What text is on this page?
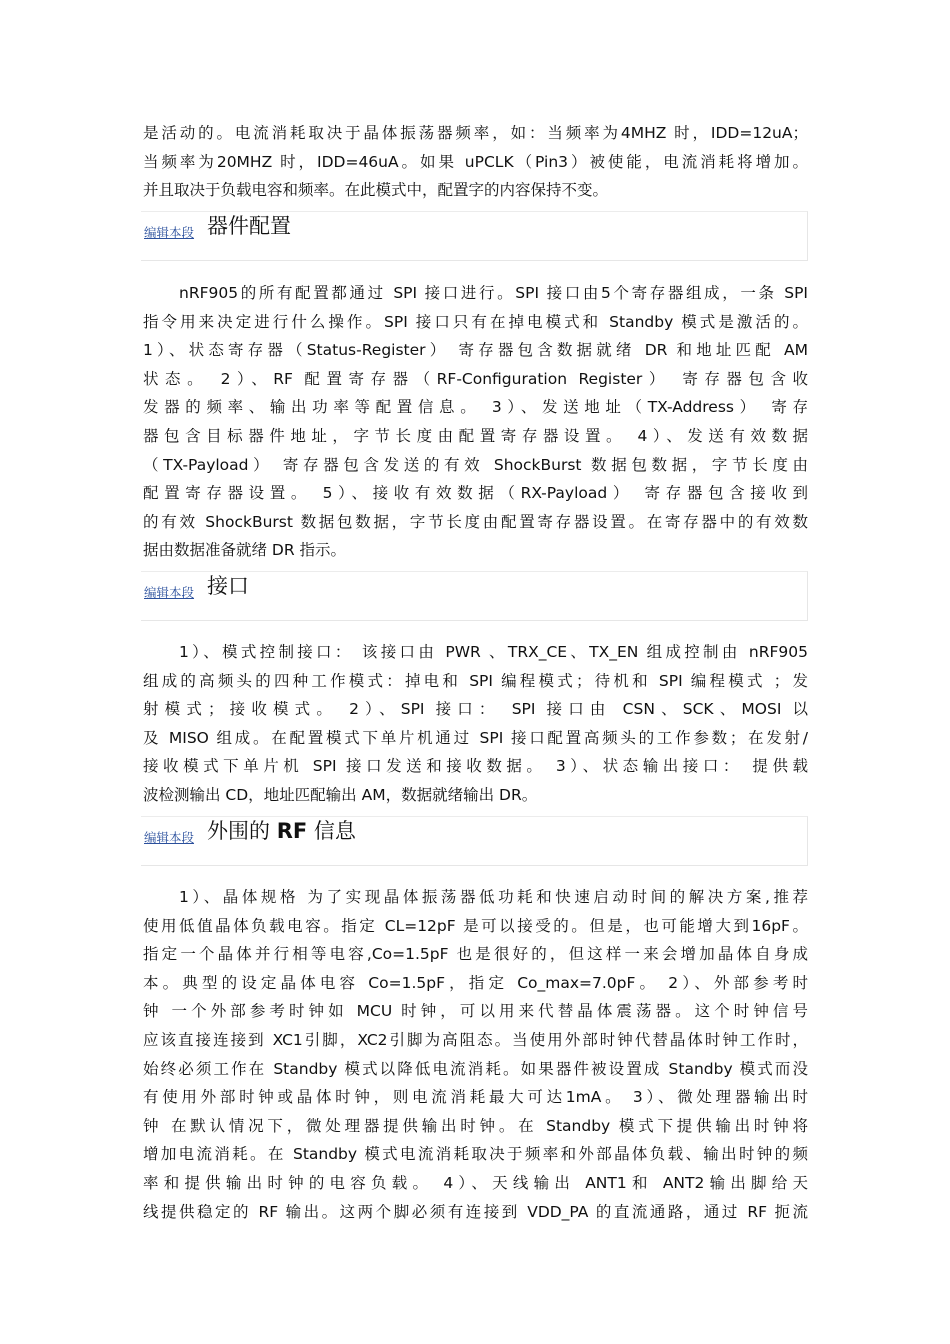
是活动的。电流消耗取决于晶体振荡器频率，如：当频率为4MHZ 时，IDD=12uA；
当频率为20MHZ 时，IDD=46uA。如果 uPCLK（Pin3）被使能，电流消耗将增加。
并且取决于负载电容和频率。在此模式中，配置字的内容保持不变。
编辑本段 器件配置
nRF905的所有配置都通过 SPI 接口进行。SPI 接口由5个寄存器组成，一条 SPI
指令用来决定进行什么操作。SPI 接口只有在掉电模式和 Standby 模式是激活的。
1）、状态寄存器（Status-Register） 寄存器包含数据就绪 DR 和地址匹配 AM
状态。 2）、RF 配置寄存器（RF-Configuration Register） 寄存器包含收
发器的频率、输出功率等配置信息。 3）、发送地址（TX-Address） 寄存
器包含目标器件地址，字节长度由配置寄存器设置。 4）、发送有效数据
（TX-Payload） 寄存器包含发送的有效 ShockBurst 数据包数据，字节长度由
配置寄存器设置。 5）、接收有效数据（RX-Payload） 寄存器包含接收到
的有效 ShockBurst 数据包数据，字节长度由配置寄存器设置。在寄存器中的有效数
据由数据准备就绪 DR 指示。
编辑本段 接口
1）、模式控制接口： 该接口由 PWR 、TRX_CE、TX_EN 组成控制由 nRF905
组成的高频头的四种工作模式：掉电和 SPI 编程模式；待机和 SPI 编程模式 ；发
射模式；接收模式。 2）、SPI 接口： SPI 接口由 CSN、SCK、MOSI 以
及 MISO 组成。在配置模式下单片机通过 SPI 接口配置高频头的工作参数；在发射/
接收模式下单片机 SPI 接口发送和接收数据。 3）、状态输出接口： 提供载
波检测输出 CD，地址匹配输出 AM，数据就绪输出 DR。
编辑本段 外围的 RF 信息
1）、晶体规格 为了实现晶体振荡器低功耗和快速启动时间的解决方案,推荐
使用低值晶体负载电容。指定 CL=12pF 是可以接受的。但是，也可能增大到16pF。
指定一个晶体并行相等电容,Co=1.5pF 也是很好的，但这样一来会增加晶体自身成
本。典型的设定晶体电容 Co=1.5pF，指定 Co_max=7.0pF。 2）、外部参考时
钟 一个外部参考时钟如 MCU 时钟，可以用来代替晶体震荡器。这个时钟信号
应该直接连接到 XC1引脚，XC2引脚为高阻态。当使用外部时钟代替晶体时钟工作时，
始终必须工作在 Standby 模式以降低电流消耗。如果器件被设置成 Standby 模式而没
有使用外部时钟或晶体时钟，则电流消耗最大可达1mA。 3）、微处理器输出时
钟 在默认情况下，微处理器提供输出时钟。在 Standby 模式下提供输出时钟将
增加电流消耗。在 Standby 模式电流消耗取决于频率和外部晶体负载、输出时钟的频
率和提供输出时钟的电容负载。 4）、天线输出 ANT1和 ANT2输出脚给天
线提供稳定的 RF 输出。这两个脚必须有连接到 VDD_PA 的直流通路，通过 RF 扼流
